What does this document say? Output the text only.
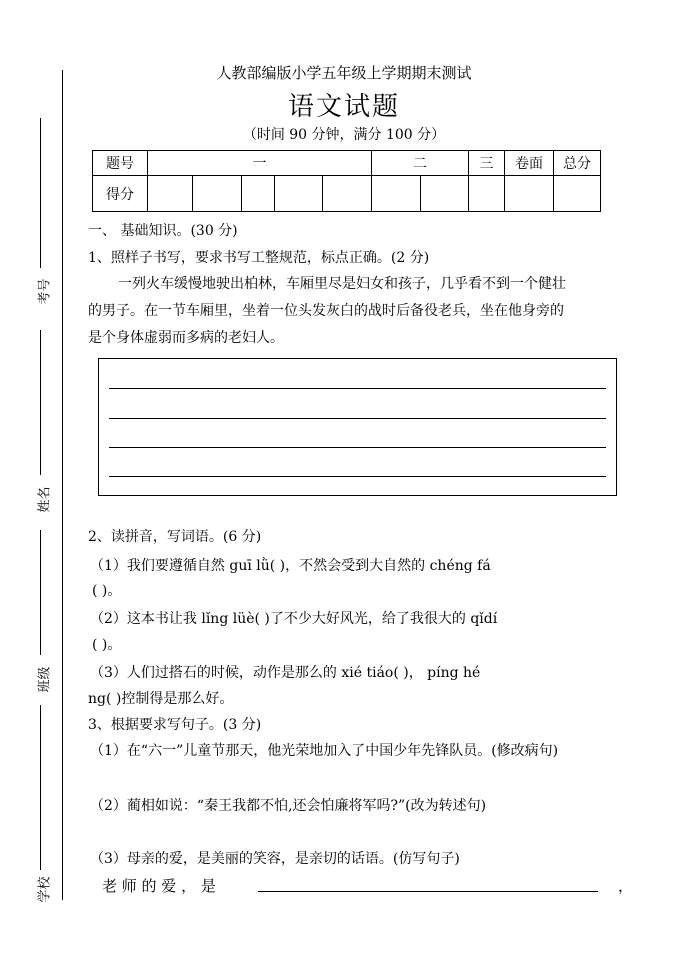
考号
姓名
班级
学校
人教部编版小学五年级上学期期末测试
语文试题
（时间 90 分钟，满分 100 分）
题号	一					二		三	卷面	总分
得分										
一、 基础知识。(30 分)
1、照样子书写，要求书写工整规范，标点正确。(2 分)
一列火车缓慢地驶出柏林，车厢里尽是妇女和孩子，几乎看不到一个健壮
的男子。在一节车厢里，坐着一位头发灰白的战时后备役老兵，坐在他身旁的
是个身体虚弱而多病的老妇人。
2、读拼音，写词语。(6 分)
（1）我们要遵循自然 guī lǜ( )，不然会受到大自然的 chéng fá
( )。
（2）这本书让我 lǐng lüè( )了不少大好风光，给了我很大的 qǐdí
( )。
（3）人们过搭石的时候，动作是那么的 xié tiáo( )， píng hé
ng( )控制得是那么好。
3、根据要求写句子。(3 分)
（1）在“六一”儿童节那天，他光荣地加入了中国少年先锋队员。(修改病句)
（2）蔺相如说：“秦王我都不怕,还会怕廉将军吗?”(改为转述句)
（3）母亲的爱，是美丽的笑容，是亲切的话语。(仿写句子)
老 师 的 爱 ， 是	，
